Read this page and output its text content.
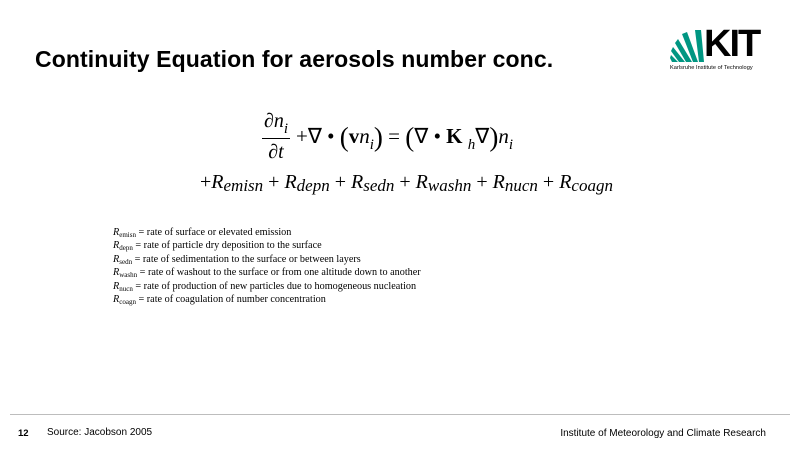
Continuity Equation for aerosols number conc.	KIT
Karlsruhe Institute of Technology
$\partial n_i$
∂t
+∇ • $(vn_i)$ = (∇ • K $_h\nabla)n_i$
+Remisn + Rdepn + Rsedn + Rwashn + Rnucn + Rcoagn
Remisn = rate of surface or elevated emission
Rdepn = rate of particle dry deposition to the surface
Rsedn = rate of sedimentation to the surface or between layers
Rwashn = rate of washout to the surface or from one altitude down to another
Rnucn = rate of production of new particles due to homogeneous nucleation
Rcoagn = rate of coagulation of number concentration
12 Source: Jacobson 2005	Institute of Meteorology and Climate Research
